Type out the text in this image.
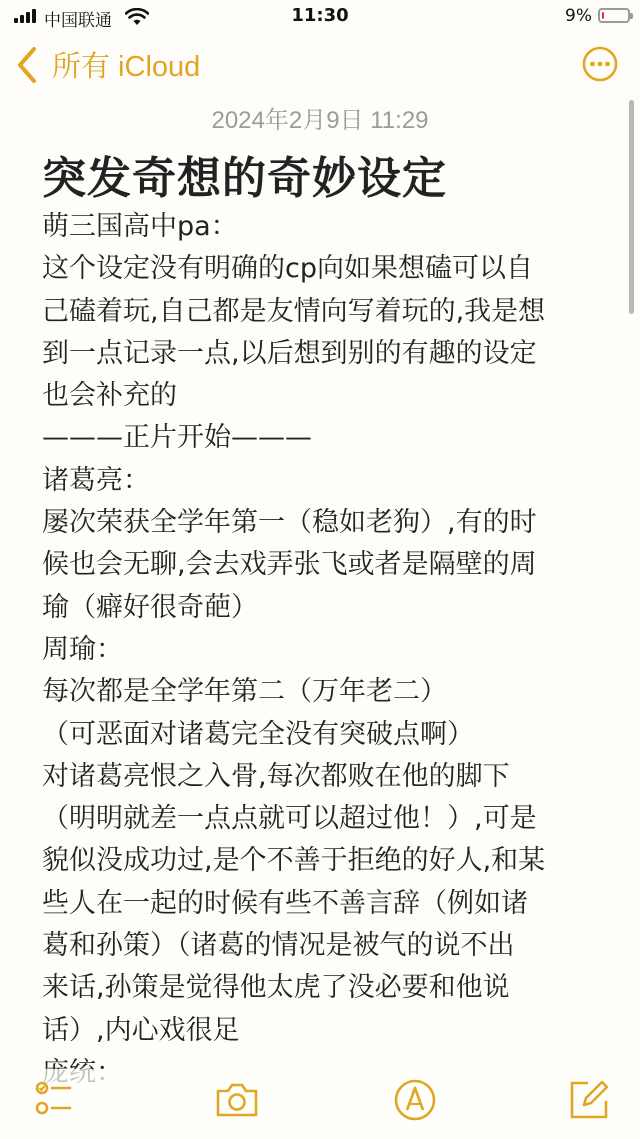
中国联通	11:30	9%
所有 iCloud
2024年2月9日 11:29
突发奇想的奇妙设定
萌三国高中pa：
这个设定没有明确的cp向如果想磕可以自
己磕着玩,自己都是友情向写着玩的,我是想
到一点记录一点,以后想到别的有趣的设定
也会补充的
———正片开始———
诸葛亮：
屡次荣获全学年第一（稳如老狗）,有的时
候也会无聊,会去戏弄张飞或者是隔壁的周
瑜（癖好很奇葩）
周瑜：
每次都是全学年第二（万年老二）
（可恶面对诸葛完全没有突破点啊）
对诸葛亮恨之入骨,每次都败在他的脚下
（明明就差一点点就可以超过他！）,可是
貌似没成功过,是个不善于拒绝的好人,和某
些人在一起的时候有些不善言辞（例如诸
葛和孙策）（诸葛的情况是被气的说不出
来话,孙策是觉得他太虎了没必要和他说
话）,内心戏很足
